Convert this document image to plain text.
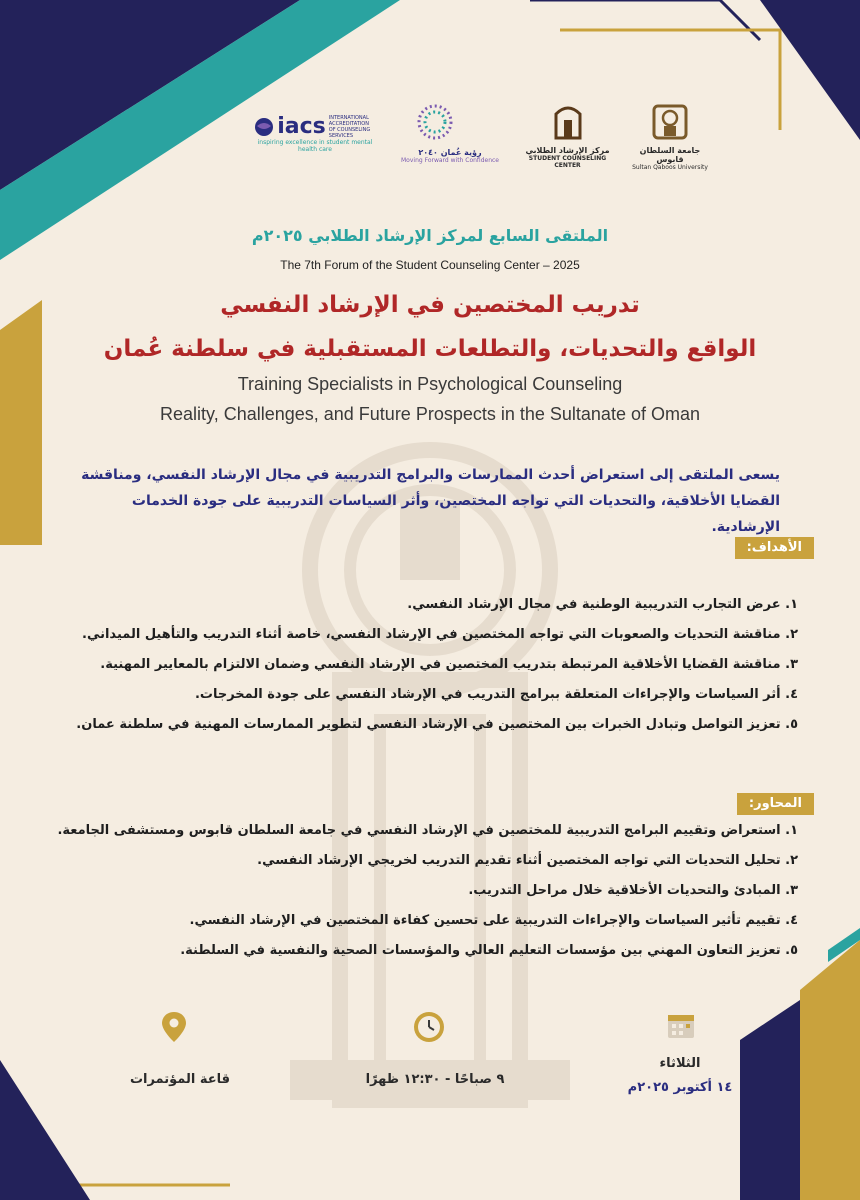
جامعة السلطان قابوس
Sultan Qaboos University
مركز الإرشاد الطلابي
STUDENT COUNSELING CENTER
رؤية عُمان ٢٠٤٠
Moving Forward with Confidence
iacs INTERNATIONAL ACCREDITATION OF COUNSELING SERVICES
inspiring excellence in student mental health care
الملتقى السابع لمركز الإرشاد الطلابي ٢٠٢٥م
The 7th Forum of the Student Counseling Center – 2025
تدريب المختصين في الإرشاد النفسي
الواقع والتحديات، والتطلعات المستقبلية في سلطنة عُمان
Training Specialists in Psychological Counseling
Reality, Challenges, and Future Prospects in the Sultanate of Oman
يسعى الملتقى إلى استعراض أحدث الممارسات والبرامج التدريبية في مجال الإرشاد النفسي، ومناقشة القضايا الأخلاقية، والتحديات التي تواجه المختصين، وأثر السياسات التدريبية على جودة الخدمات الإرشادية.
الأهداف:
١. عرض التجارب التدريبية الوطنية في مجال الإرشاد النفسي.
٢. مناقشة التحديات والصعوبات التي تواجه المختصين في الإرشاد النفسي، خاصة أثناء التدريب والتأهيل الميداني.
٣. مناقشة القضايا الأخلاقية المرتبطة بتدريب المختصين في الإرشاد النفسي وضمان الالتزام بالمعايير المهنية.
٤. أثر السياسات والإجراءات المتعلقة ببرامج التدريب في الإرشاد النفسي على جودة المخرجات.
٥. تعزيز التواصل وتبادل الخبرات بين المختصين في الإرشاد النفسي لتطوير الممارسات المهنية في سلطنة عمان.
المحاور:
١. استعراض وتقييم البرامج التدريبية للمختصين في الإرشاد النفسي في جامعة السلطان قابوس ومستشفى الجامعة.
٢. تحليل التحديات التي تواجه المختصين أثناء تقديم التدريب لخريجي الإرشاد النفسي.
٣. المبادئ والتحديات الأخلاقية خلال مراحل التدريب.
٤. تقييم تأثير السياسات والإجراءات التدريبية على تحسين كفاءة المختصين في الإرشاد النفسي.
٥. تعزيز التعاون المهني بين مؤسسات التعليم العالي والمؤسسات الصحية والنفسية في السلطنة.
قاعة المؤتمرات	٩ صباحًا - ١٢:٣٠ ظهرًا
الثلاثاء
١٤ أكتوبر ٢٠٢٥م
